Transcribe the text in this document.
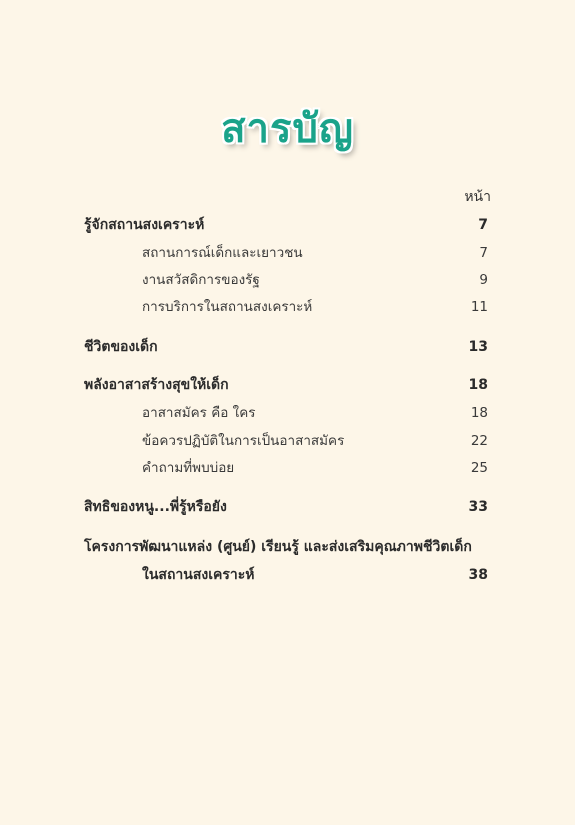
สารบัญ
หน้า
รู้จักสถานสงเคราะห์	7
สถานการณ์เด็กและเยาวชน	7
งานสวัสดิการของรัฐ	9
การบริการในสถานสงเคราะห์	11
ชีวิตของเด็ก	13
พลังอาสาสร้างสุขให้เด็ก	18
อาสาสมัคร คือ ใคร	18
ข้อควรปฏิบัติในการเป็นอาสาสมัคร	22
คำถามที่พบบ่อย	25
สิทธิของหนู...พี่รู้หรือยัง	33
โครงการพัฒนาแหล่ง (ศูนย์) เรียนรู้ และส่งเสริมคุณภาพชีวิตเด็ก
ในสถานสงเคราะห์	38
